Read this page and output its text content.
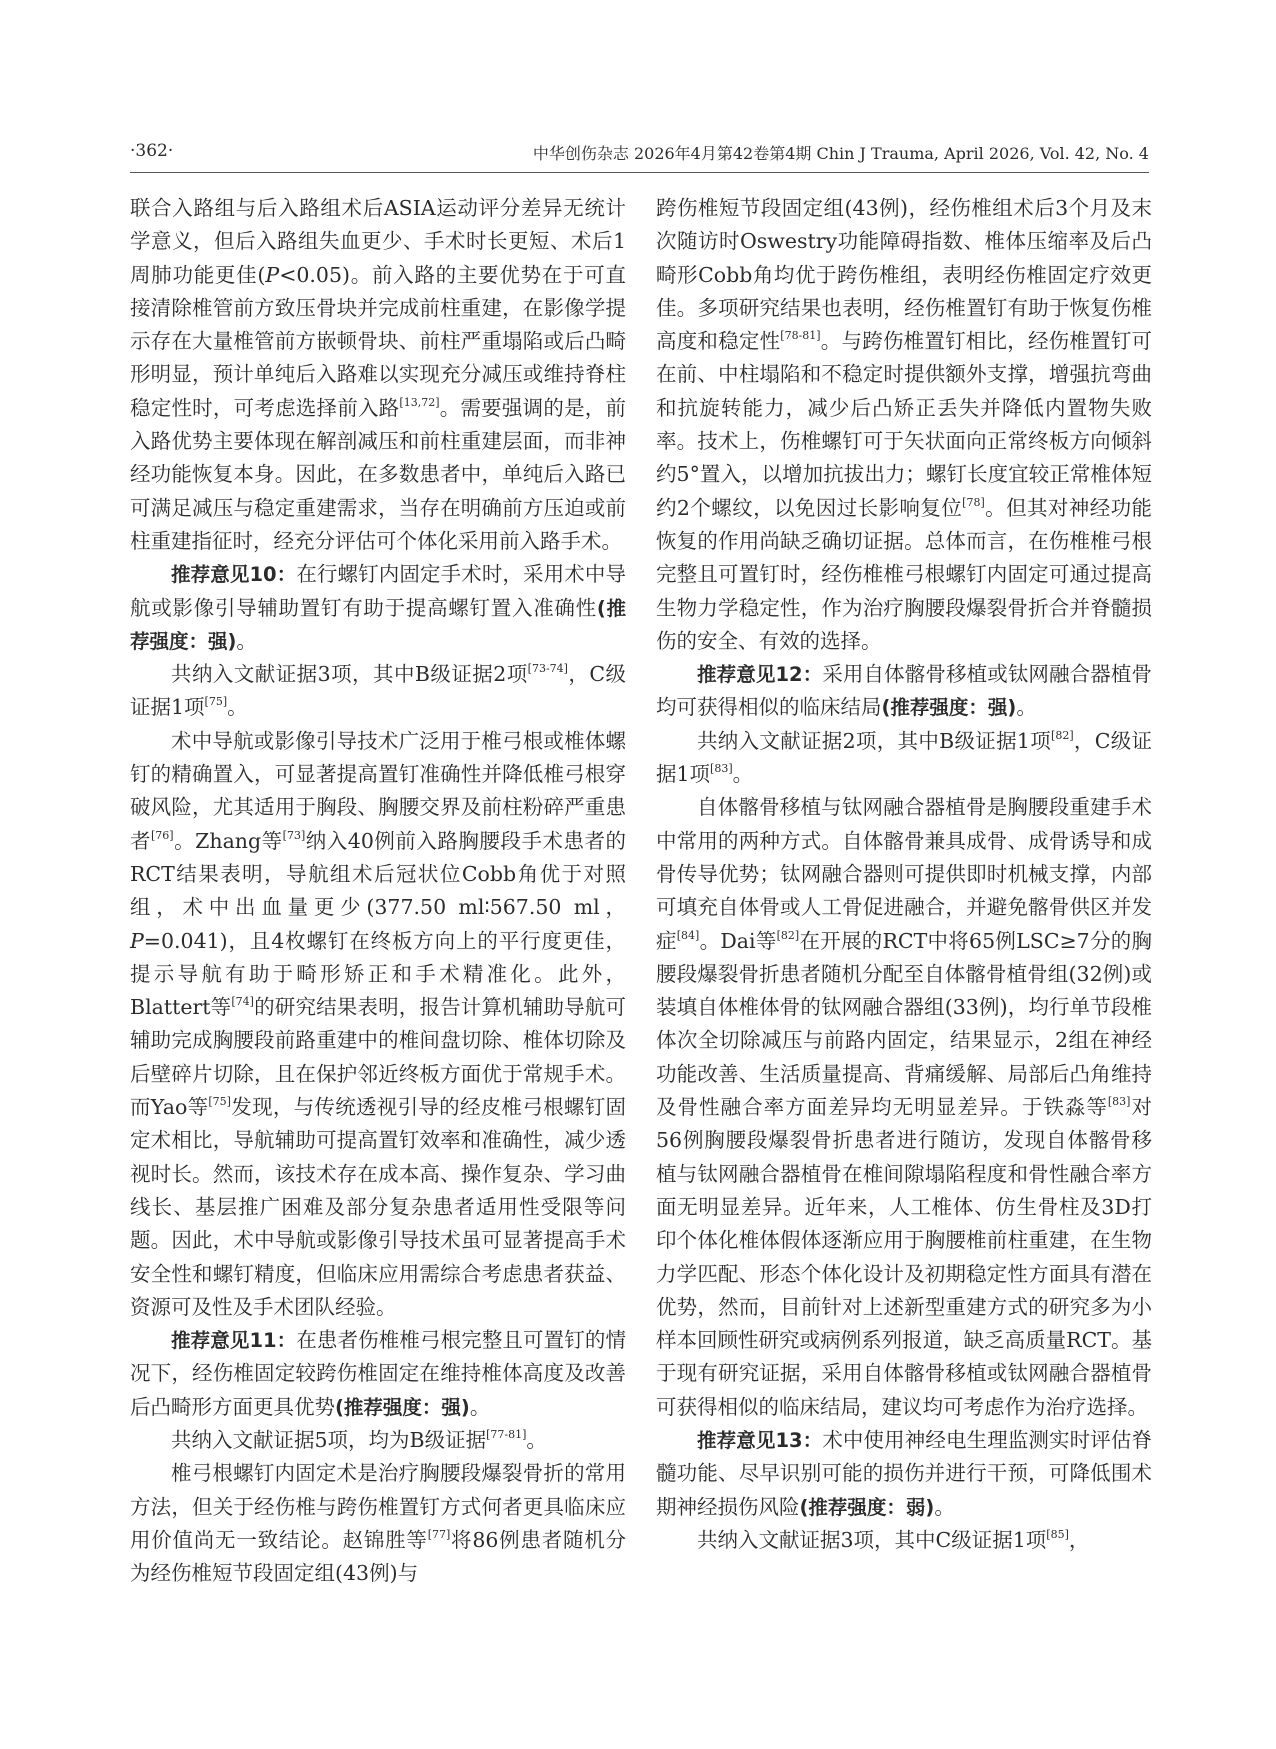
·362·	中华创伤杂志 2026年4月第42卷第4期 Chin J Trauma, April 2026, Vol. 42, No. 4

联合入路组与后入路组术后ASIA运动评分差异无统计学意义，但后入路组失血更少、手术时长更短、术后1周肺功能更佳(P<0.05)。前入路的主要优势在于可直接清除椎管前方致压骨块并完成前柱重建，在影像学提示存在大量椎管前方嵌顿骨块、前柱严重塌陷或后凸畸形明显，预计单纯后入路难以实现充分减压或维持脊柱稳定性时，可考虑选择前入路[13,72]。需要强调的是，前入路优势主要体现在解剖减压和前柱重建层面，而非神经功能恢复本身。因此，在多数患者中，单纯后入路已可满足减压与稳定重建需求，当存在明确前方压迫或前柱重建指征时，经充分评估可个体化采用前入路手术。

推荐意见10：在行螺钉内固定手术时，采用术中导航或影像引导辅助置钉有助于提高螺钉置入准确性(推荐强度：强)。

共纳入文献证据3项，其中B级证据2项[73-74]，C级证据1项[75]。

术中导航或影像引导技术广泛用于椎弓根或椎体螺钉的精确置入，可显著提高置钉准确性并降低椎弓根穿破风险，尤其适用于胸段、胸腰交界及前柱粉碎严重患者[76]。Zhang等[73]纳入40例前入路胸腰段手术患者的RCT结果表明，导航组术后冠状位Cobb角优于对照组，术中出血量更少(377.50 ml∶567.50 ml，P=0.041)，且4枚螺钉在终板方向上的平行度更佳，提示导航有助于畸形矫正和手术精准化。此外，Blattert等[74]的研究结果表明，报告计算机辅助导航可辅助完成胸腰段前路重建中的椎间盘切除、椎体切除及后壁碎片切除，且在保护邻近终板方面优于常规手术。而Yao等[75]发现，与传统透视引导的经皮椎弓根螺钉固定术相比，导航辅助可提高置钉效率和准确性，减少透视时长。然而，该技术存在成本高、操作复杂、学习曲线长、基层推广困难及部分复杂患者适用性受限等问题。因此，术中导航或影像引导技术虽可显著提高手术安全性和螺钉精度，但临床应用需综合考虑患者获益、资源可及性及手术团队经验。

推荐意见11：在患者伤椎椎弓根完整且可置钉的情况下，经伤椎固定较跨伤椎固定在维持椎体高度及改善后凸畸形方面更具优势(推荐强度：强)。

共纳入文献证据5项，均为B级证据[77-81]。

椎弓根螺钉内固定术是治疗胸腰段爆裂骨折的常用方法，但关于经伤椎与跨伤椎置钉方式何者更具临床应用价值尚无一致结论。赵锦胜等[77]将86例患者随机分为经伤椎短节段固定组(43例)与

跨伤椎短节段固定组(43例)，经伤椎组术后3个月及末次随访时Oswestry功能障碍指数、椎体压缩率及后凸畸形Cobb角均优于跨伤椎组，表明经伤椎固定疗效更佳。多项研究结果也表明，经伤椎置钉有助于恢复伤椎高度和稳定性[78-81]。与跨伤椎置钉相比，经伤椎置钉可在前、中柱塌陷和不稳定时提供额外支撑，增强抗弯曲和抗旋转能力，减少后凸矫正丢失并降低内置物失败率。技术上，伤椎螺钉可于矢状面向正常终板方向倾斜约5°置入，以增加抗拔出力；螺钉长度宜较正常椎体短约2个螺纹，以免因过长影响复位[78]。但其对神经功能恢复的作用尚缺乏确切证据。总体而言，在伤椎椎弓根完整且可置钉时，经伤椎椎弓根螺钉内固定可通过提高生物力学稳定性，作为治疗胸腰段爆裂骨折合并脊髓损伤的安全、有效的选择。

推荐意见12：采用自体髂骨移植或钛网融合器植骨均可获得相似的临床结局(推荐强度：强)。

共纳入文献证据2项，其中B级证据1项[82]，C级证据1项[83]。

自体髂骨移植与钛网融合器植骨是胸腰段重建手术中常用的两种方式。自体髂骨兼具成骨、成骨诱导和成骨传导优势；钛网融合器则可提供即时机械支撑，内部可填充自体骨或人工骨促进融合，并避免髂骨供区并发症[84]。Dai等[82]在开展的RCT中将65例LSC≥7分的胸腰段爆裂骨折患者随机分配至自体髂骨植骨组(32例)或装填自体椎体骨的钛网融合器组(33例)，均行单节段椎体次全切除减压与前路内固定，结果显示，2组在神经功能改善、生活质量提高、背痛缓解、局部后凸角维持及骨性融合率方面差异均无明显差异。于铁淼等[83]对56例胸腰段爆裂骨折患者进行随访，发现自体髂骨移植与钛网融合器植骨在椎间隙塌陷程度和骨性融合率方面无明显差异。近年来，人工椎体、仿生骨柱及3D打印个体化椎体假体逐渐应用于胸腰椎前柱重建，在生物力学匹配、形态个体化设计及初期稳定性方面具有潜在优势，然而，目前针对上述新型重建方式的研究多为小样本回顾性研究或病例系列报道，缺乏高质量RCT。基于现有研究证据，采用自体髂骨移植或钛网融合器植骨可获得相似的临床结局，建议均可考虑作为治疗选择。

推荐意见13：术中使用神经电生理监测实时评估脊髓功能、尽早识别可能的损伤并进行干预，可降低围术期神经损伤风险(推荐强度：弱)。

共纳入文献证据3项，其中C级证据1项[85]，
